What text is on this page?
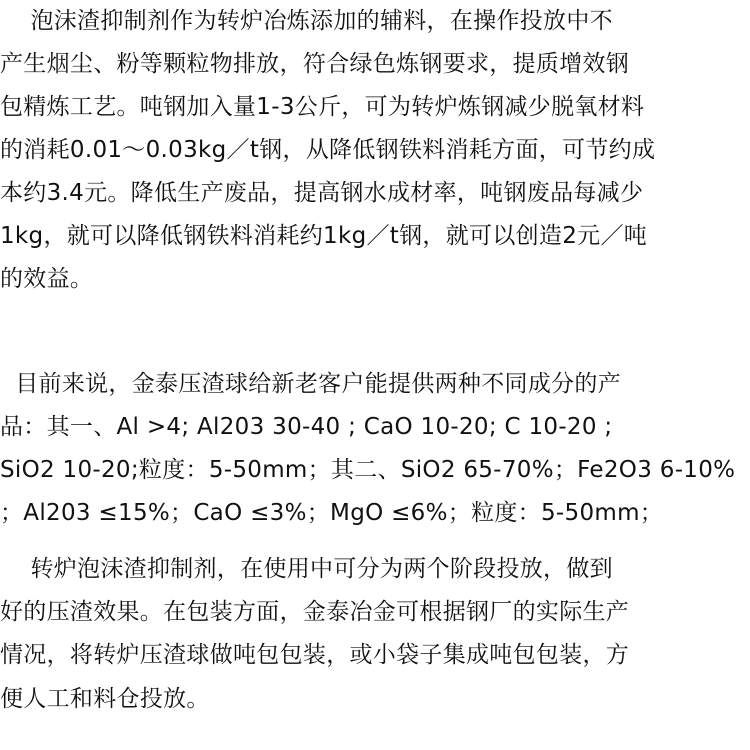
泡沫渣抑制剂作为转炉冶炼添加的辅料，在操作投放中不
产生烟尘、粉等颗粒物排放，符合绿色炼钢要求，提质增效钢
包精炼工艺。吨钢加入量1-3公斤，可为转炉炼钢减少脱氧材料
的消耗0.01～0.03kg／t钢，从降低钢铁料消耗方面，可节约成
本约3.4元。降低生产废品，提高钢水成材率，吨钢废品每减少
1kg，就可以降低钢铁料消耗约1kg／t钢，就可以创造2元／吨
的效益。
目前来说，金泰压渣球给新老客户能提供两种不同成分的产
品：其一、Al >4; Al203 30-40 ; CaO 10-20; C 10-20 ;
SiO2 10-20;粒度：5-50mm；其二、SiO2 65-70%；Fe2O3 6-10%
；Al203 ≤15%；CaO ≤3%；MgO ≤6%；粒度：5-50mm；
转炉泡沫渣抑制剂，在使用中可分为两个阶段投放，做到
好的压渣效果。在包装方面，金泰冶金可根据钢厂的实际生产
情况，将转炉压渣球做吨包包装，或小袋子集成吨包包装，方
便人工和料仓投放。
